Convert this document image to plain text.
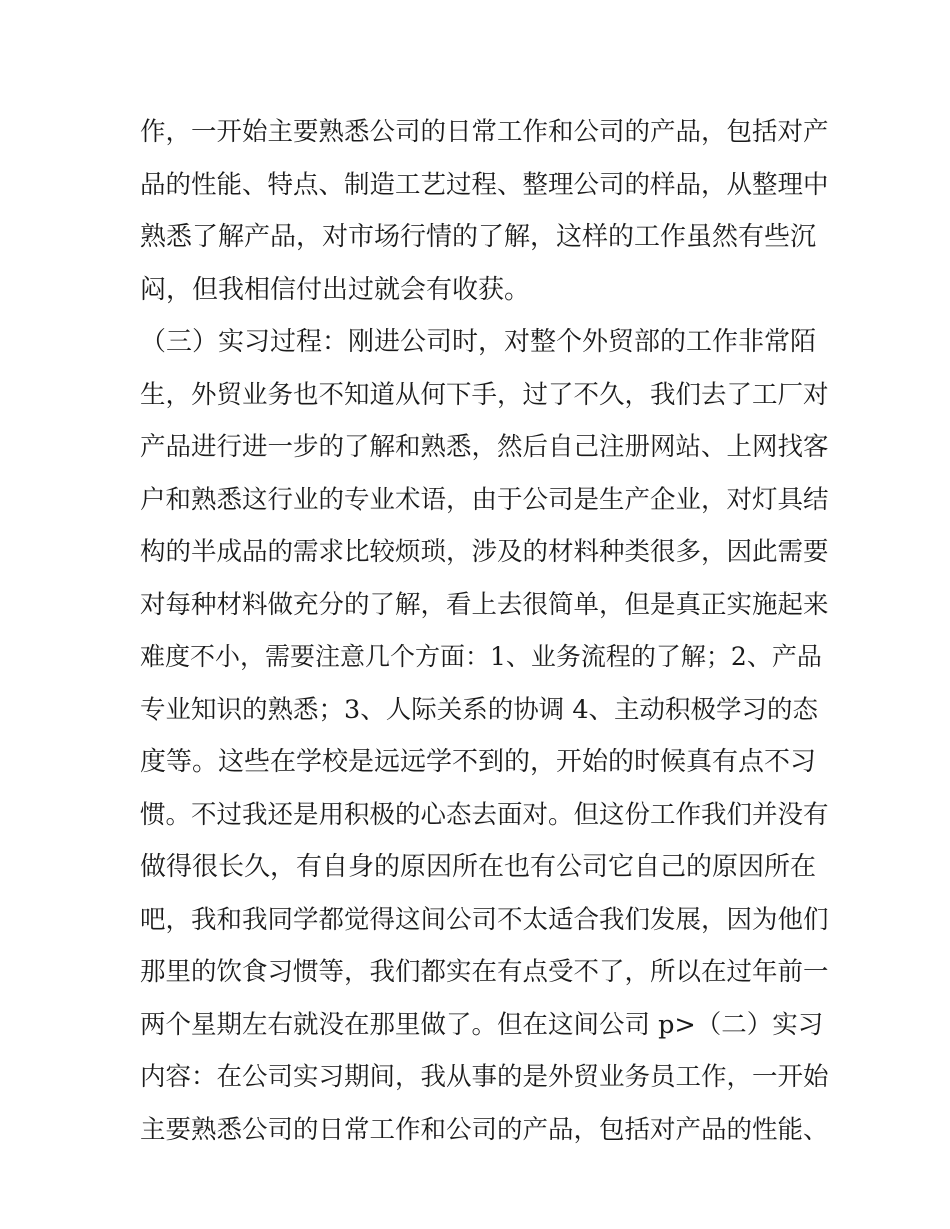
作，一开始主要熟悉公司的日常工作和公司的产品，包括对产
品的性能、特点、制造工艺过程、整理公司的样品，从整理中
熟悉了解产品，对市场行情的了解，这样的工作虽然有些沉
闷，但我相信付出过就会有收获。
（三）实习过程：刚进公司时，对整个外贸部的工作非常陌
生，外贸业务也不知道从何下手，过了不久，我们去了工厂对
产品进行进一步的了解和熟悉，然后自己注册网站、上网找客
户和熟悉这行业的专业术语，由于公司是生产企业，对灯具结
构的半成品的需求比较烦琐，涉及的材料种类很多，因此需要
对每种材料做充分的了解，看上去很简单，但是真正实施起来
难度不小，需要注意几个方面：1、业务流程的了解；2、产品
专业知识的熟悉；3、人际关系的协调 4、主动积极学习的态
度等。这些在学校是远远学不到的，开始的时候真有点不习
惯。不过我还是用积极的心态去面对。但这份工作我们并没有
做得很长久，有自身的原因所在也有公司它自己的原因所在
吧，我和我同学都觉得这间公司不太适合我们发展，因为他们
那里的饮食习惯等，我们都实在有点受不了，所以在过年前一
两个星期左右就没在那里做了。但在这间公司 p>（二）实习
内容：在公司实习期间，我从事的是外贸业务员工作，一开始
主要熟悉公司的日常工作和公司的产品，包括对产品的性能、
